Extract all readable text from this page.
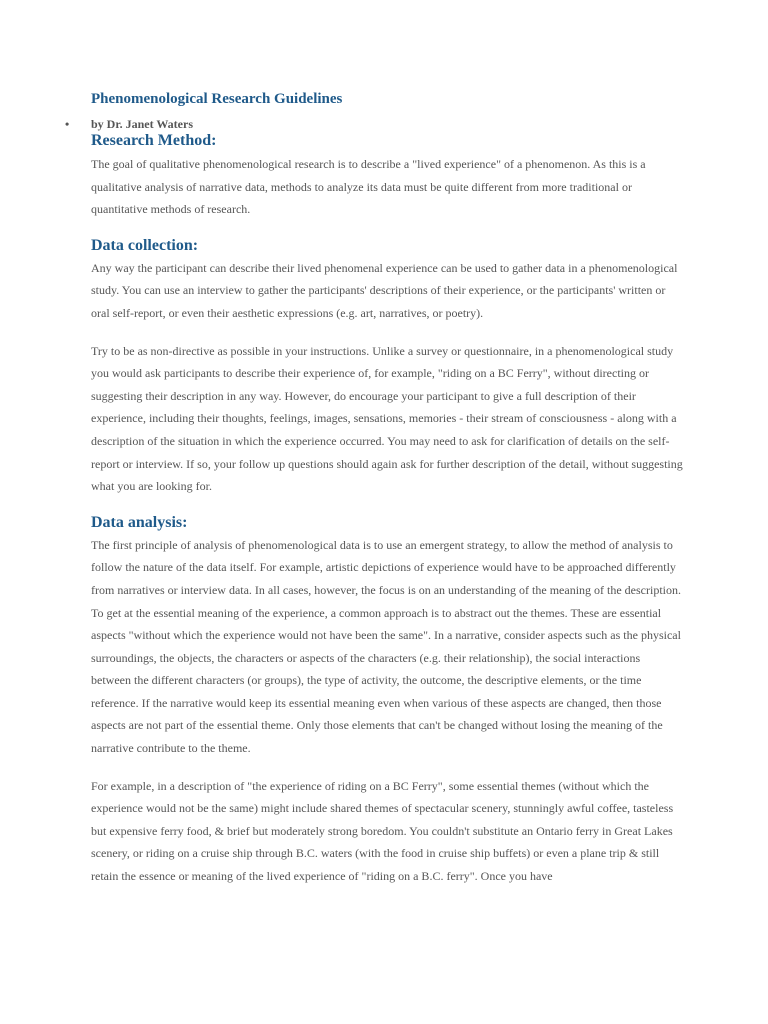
Phenomenological Research Guidelines
• by Dr. Janet Waters
Research Method:

The goal of qualitative phenomenological research is to describe a "lived experience" of a phenomenon. As this is a qualitative analysis of narrative data, methods to analyze its data must be quite different from more traditional or quantitative methods of research.

Data collection:

Any way the participant can describe their lived phenomenal experience can be used to gather data in a phenomenological study. You can use an interview to gather the participants' descriptions of their experience, or the participants' written or oral self-report, or even their aesthetic expressions (e.g. art, narratives, or poetry).

Try to be as non-directive as possible in your instructions. Unlike a survey or questionnaire, in a phenomenological study you would ask participants to describe their experience of, for example, "riding on a BC Ferry", without directing or suggesting their description in any way. However, do encourage your participant to give a full description of their experience, including their thoughts, feelings, images, sensations, memories - their stream of consciousness - along with a description of the situation in which the experience occurred. You may need to ask for clarification of details on the self-report or interview. If so, your follow up questions should again ask for further description of the detail, without suggesting what you are looking for.

Data analysis:

The first principle of analysis of phenomenological data is to use an emergent strategy, to allow the method of analysis to follow the nature of the data itself. For example, artistic depictions of experience would have to be approached differently from narratives or interview data. In all cases, however, the focus is on an understanding of the meaning of the description. To get at the essential meaning of the experience, a common approach is to abstract out the themes. These are essential aspects "without which the experience would not have been the same". In a narrative, consider aspects such as the physical surroundings, the objects, the characters or aspects of the characters (e.g. their relationship), the social interactions between the different characters (or groups), the type of activity, the outcome, the descriptive elements, or the time reference. If the narrative would keep its essential meaning even when various of these aspects are changed, then those aspects are not part of the essential theme. Only those elements that can't be changed without losing the meaning of the narrative contribute to the theme.

For example, in a description of "the experience of riding on a BC Ferry", some essential themes (without which the experience would not be the same) might include shared themes of spectacular scenery, stunningly awful coffee, tasteless but expensive ferry food, & brief but moderately strong boredom. You couldn't substitute an Ontario ferry in Great Lakes scenery, or riding on a cruise ship through B.C. waters (with the food in cruise ship buffets) or even a plane trip & still retain the essence or meaning of the lived experience of "riding on a B.C. ferry". Once you have
